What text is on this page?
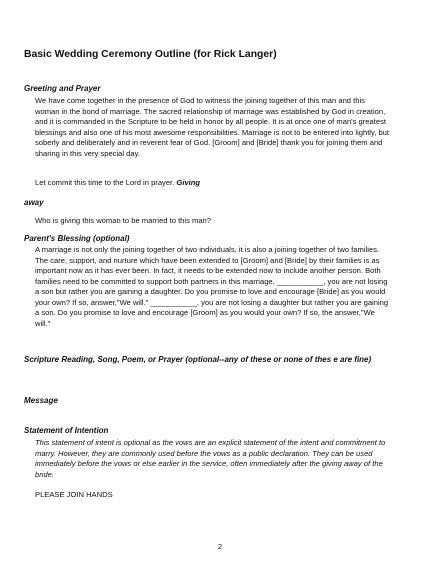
Basic Wedding Ceremony Outline (for Rick Langer)
Greeting and Prayer
We have come together in the presence of God to witness the joining together of this man and this woman in the bond of marriage. The sacred relationship of marriage was established by God in creation, and it is commanded in the Scripture to be held in honor by all people. It is at once one of man's greatest blessings and also one of his most awesome responsibilities. Marriage is not to be entered into lightly, but soberly and deliberately and in reverent fear of God. [Groom] and [Bride] thank you for joining them and sharing in this very special day.
Let commit this time to the Lord in prayer. Giving
away
Who is giving this woman to be married to this man?
Parent's Blessing (optional)
A marriage is not only the joining together of two individuals, it is also a joining together of two families. The care, support, and nurture which have been extended to [Groom] and [Bride] by their families is as important now as it has ever been. In fact, it needs to be extended now to include another person. Both families need to be committed to support both partners in this marriage. ___________, you are not losing a son but rather you are gaining a daughter. Do you promise to love and encourage [Bride] as you would your own? If so, answer,"We will." ___________, you are not losing a daughter but rather you are gaining a son. Do you promise to love and encourage [Groom] as you would your own? If so, the answer,"We will."
Scripture Reading, Song, Poem, or Prayer (optional--any of these or none of thes e are fine)
Message
Statement of Intention
This statement of intent is optional as the vows are an explicit statement of the intent and commitment to marry. However, they are commonly used before the vows as a public declaration. They can be used immediately before the vows or else earlier in the service, often immediately after the giving away of the bride.
PLEASE JOIN HANDS
2
